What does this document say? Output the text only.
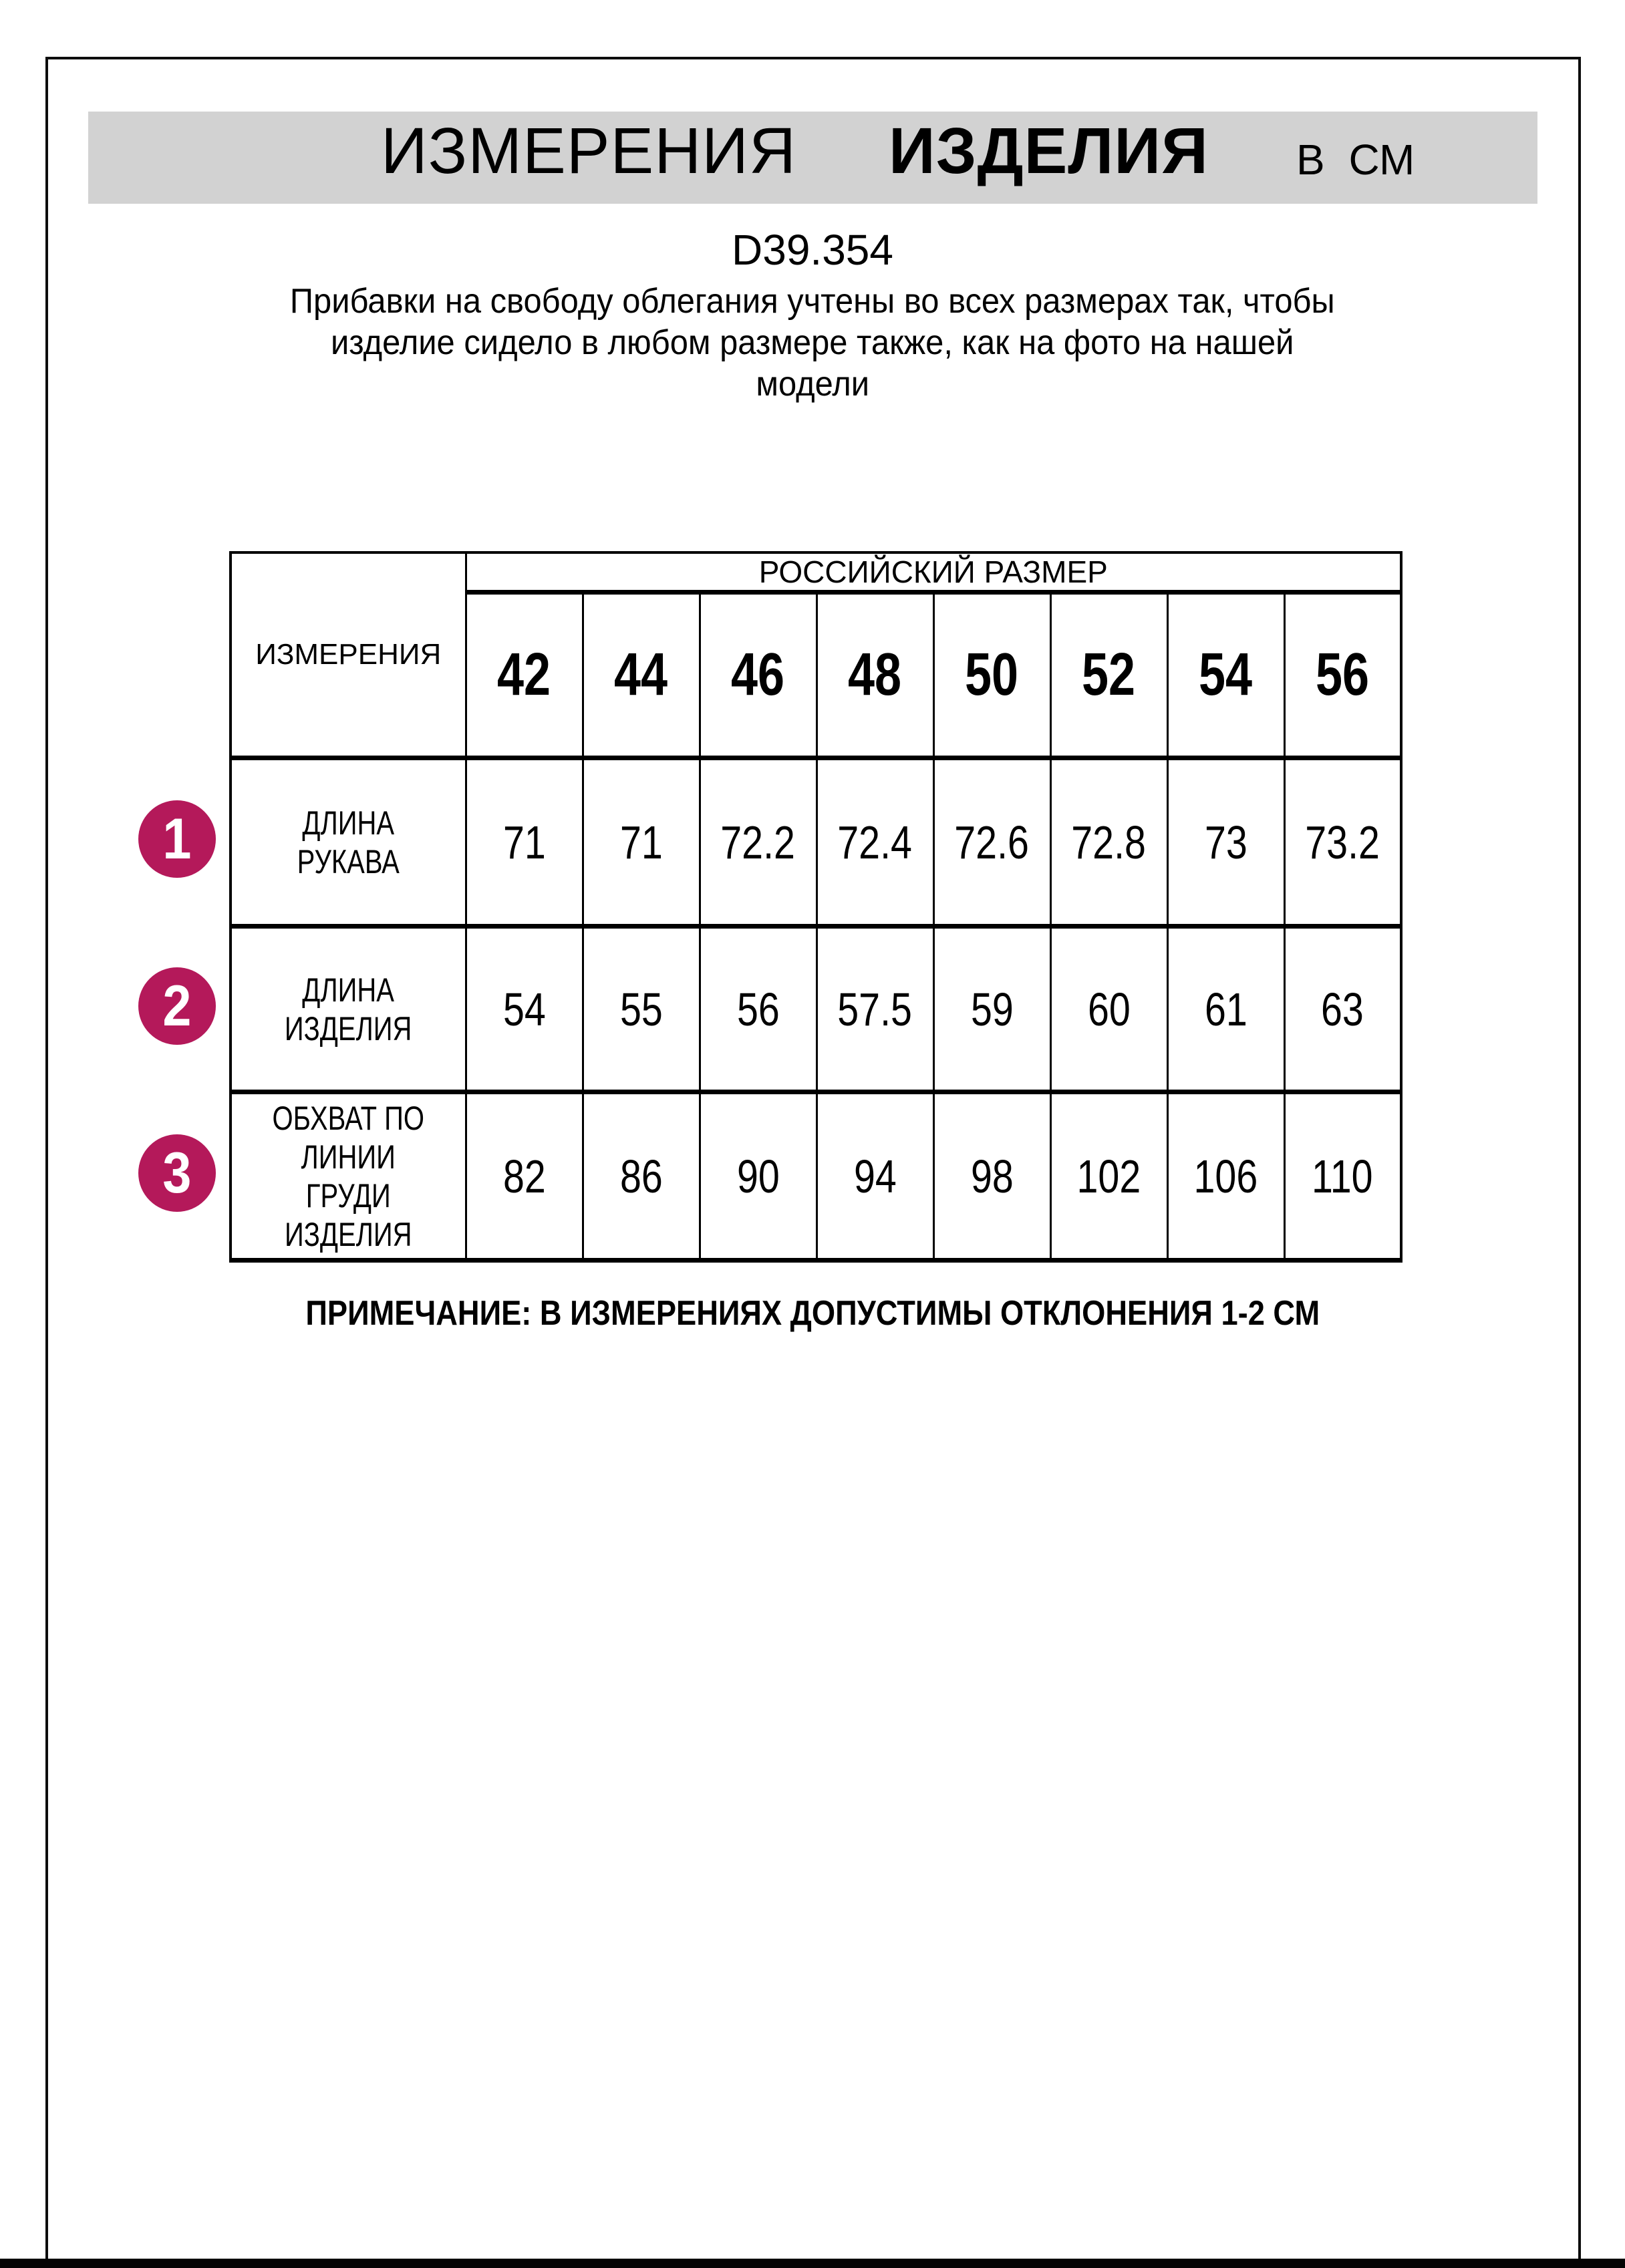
ИЗМЕРЕНИЯ ИЗДЕЛИЯ В СМ
D39.354
Прибавки на свободу облегания учтены во всех размерах так, чтобы
изделие сидело в любом размере также, как на фото на нашей
модели
ИЗМЕРЕНИЯ	РОССИЙСКИЙ РАЗМЕР							
	42	44	46	48	50	52	54	56

ДЛИНА РУКАВА	71	71	72.2	72.4	72.6	72.8	73	73.2

ДЛИНА
ИЗДЕЛИЯ	54	55	56	57.5	59	60	61	63

ОБХВАТ ПО
ЛИНИИ ГРУДИ
ИЗДЕЛИЯ	82	86	90	94	98	102	106	110
1
2
3
ПРИМЕЧАНИЕ: В ИЗМЕРЕНИЯХ ДОПУСТИМЫ ОТКЛОНЕНИЯ 1-2 СМ
